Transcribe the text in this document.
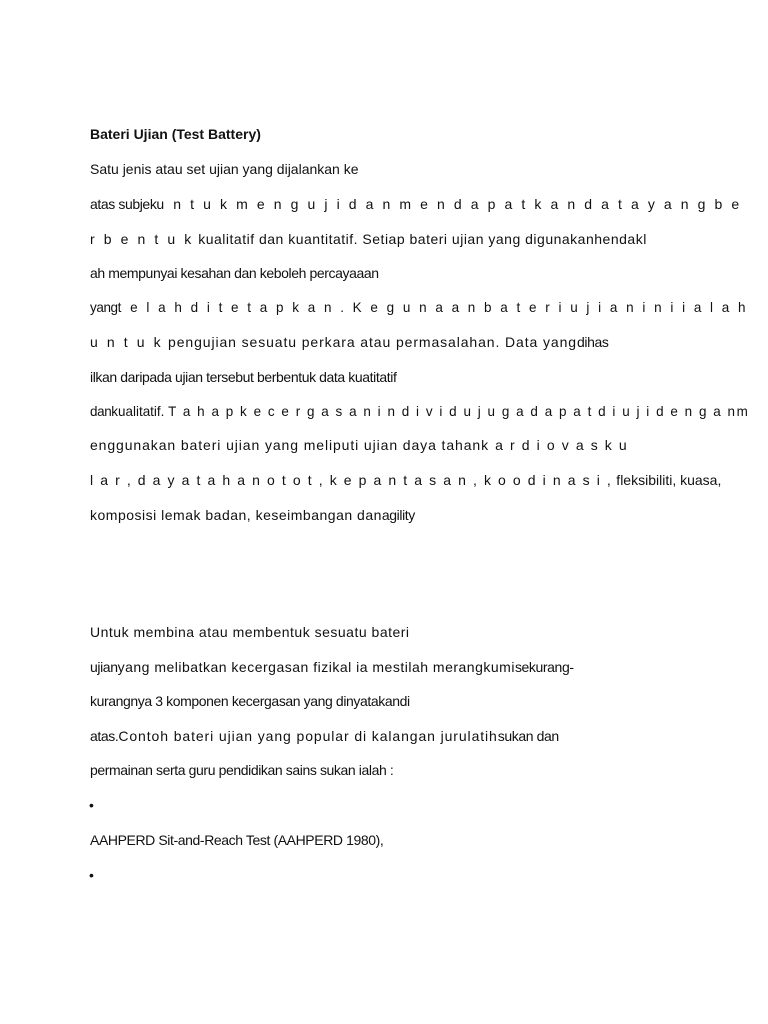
Bateri Ujian (Test Battery)
Satu jenis atau set ujian yang dijalankan ke
atas subjeku n t u k m e n g u j i d a n m e n d a p a t k a n d a t a y a n g b e
r b e n t u k kualitatif dan kuantitatif. Setiap bateri ujian yang digunakanhendakl
ah mempunyai kesahan dan keboleh percayaaan
yangt e l a h d i t e t a p k a n . K e g u n a a n b a t e r i u j i a n i n i i a l a h
u n t u k pengujian sesuatu perkara atau permasalahan. Data yangdihas
ilkan daripada ujian tersebut berbentuk data kuatitatif
dankualitatif. T a h a p k e c e r g a s a n i n d i v i d u j u g a d a p a t d i u j i d e n g a nm
enggunakan bateri ujian yang meliputi ujian daya tahank a r d i o v a s k u
l a r , d a y a t a h a n o t o t , k e p a n t a s a n , k o o d i n a s i , fleksibiliti, kuasa,
komposisi lemak badan, keseimbangan danagility
Untuk membina atau membentuk sesuatu bateri
ujianyang melibatkan kecergasan fizikal ia mestilah merangkumisekurang-
kurangnya 3 komponen kecergasan yang dinyatakandi
atas.Contoh bateri ujian yang popular di kalangan jurulatihsukan dan
permainan serta guru pendidikan sains sukan ialah :
•
AAHPERD Sit-and-Reach Test (AAHPERD 1980),
•
